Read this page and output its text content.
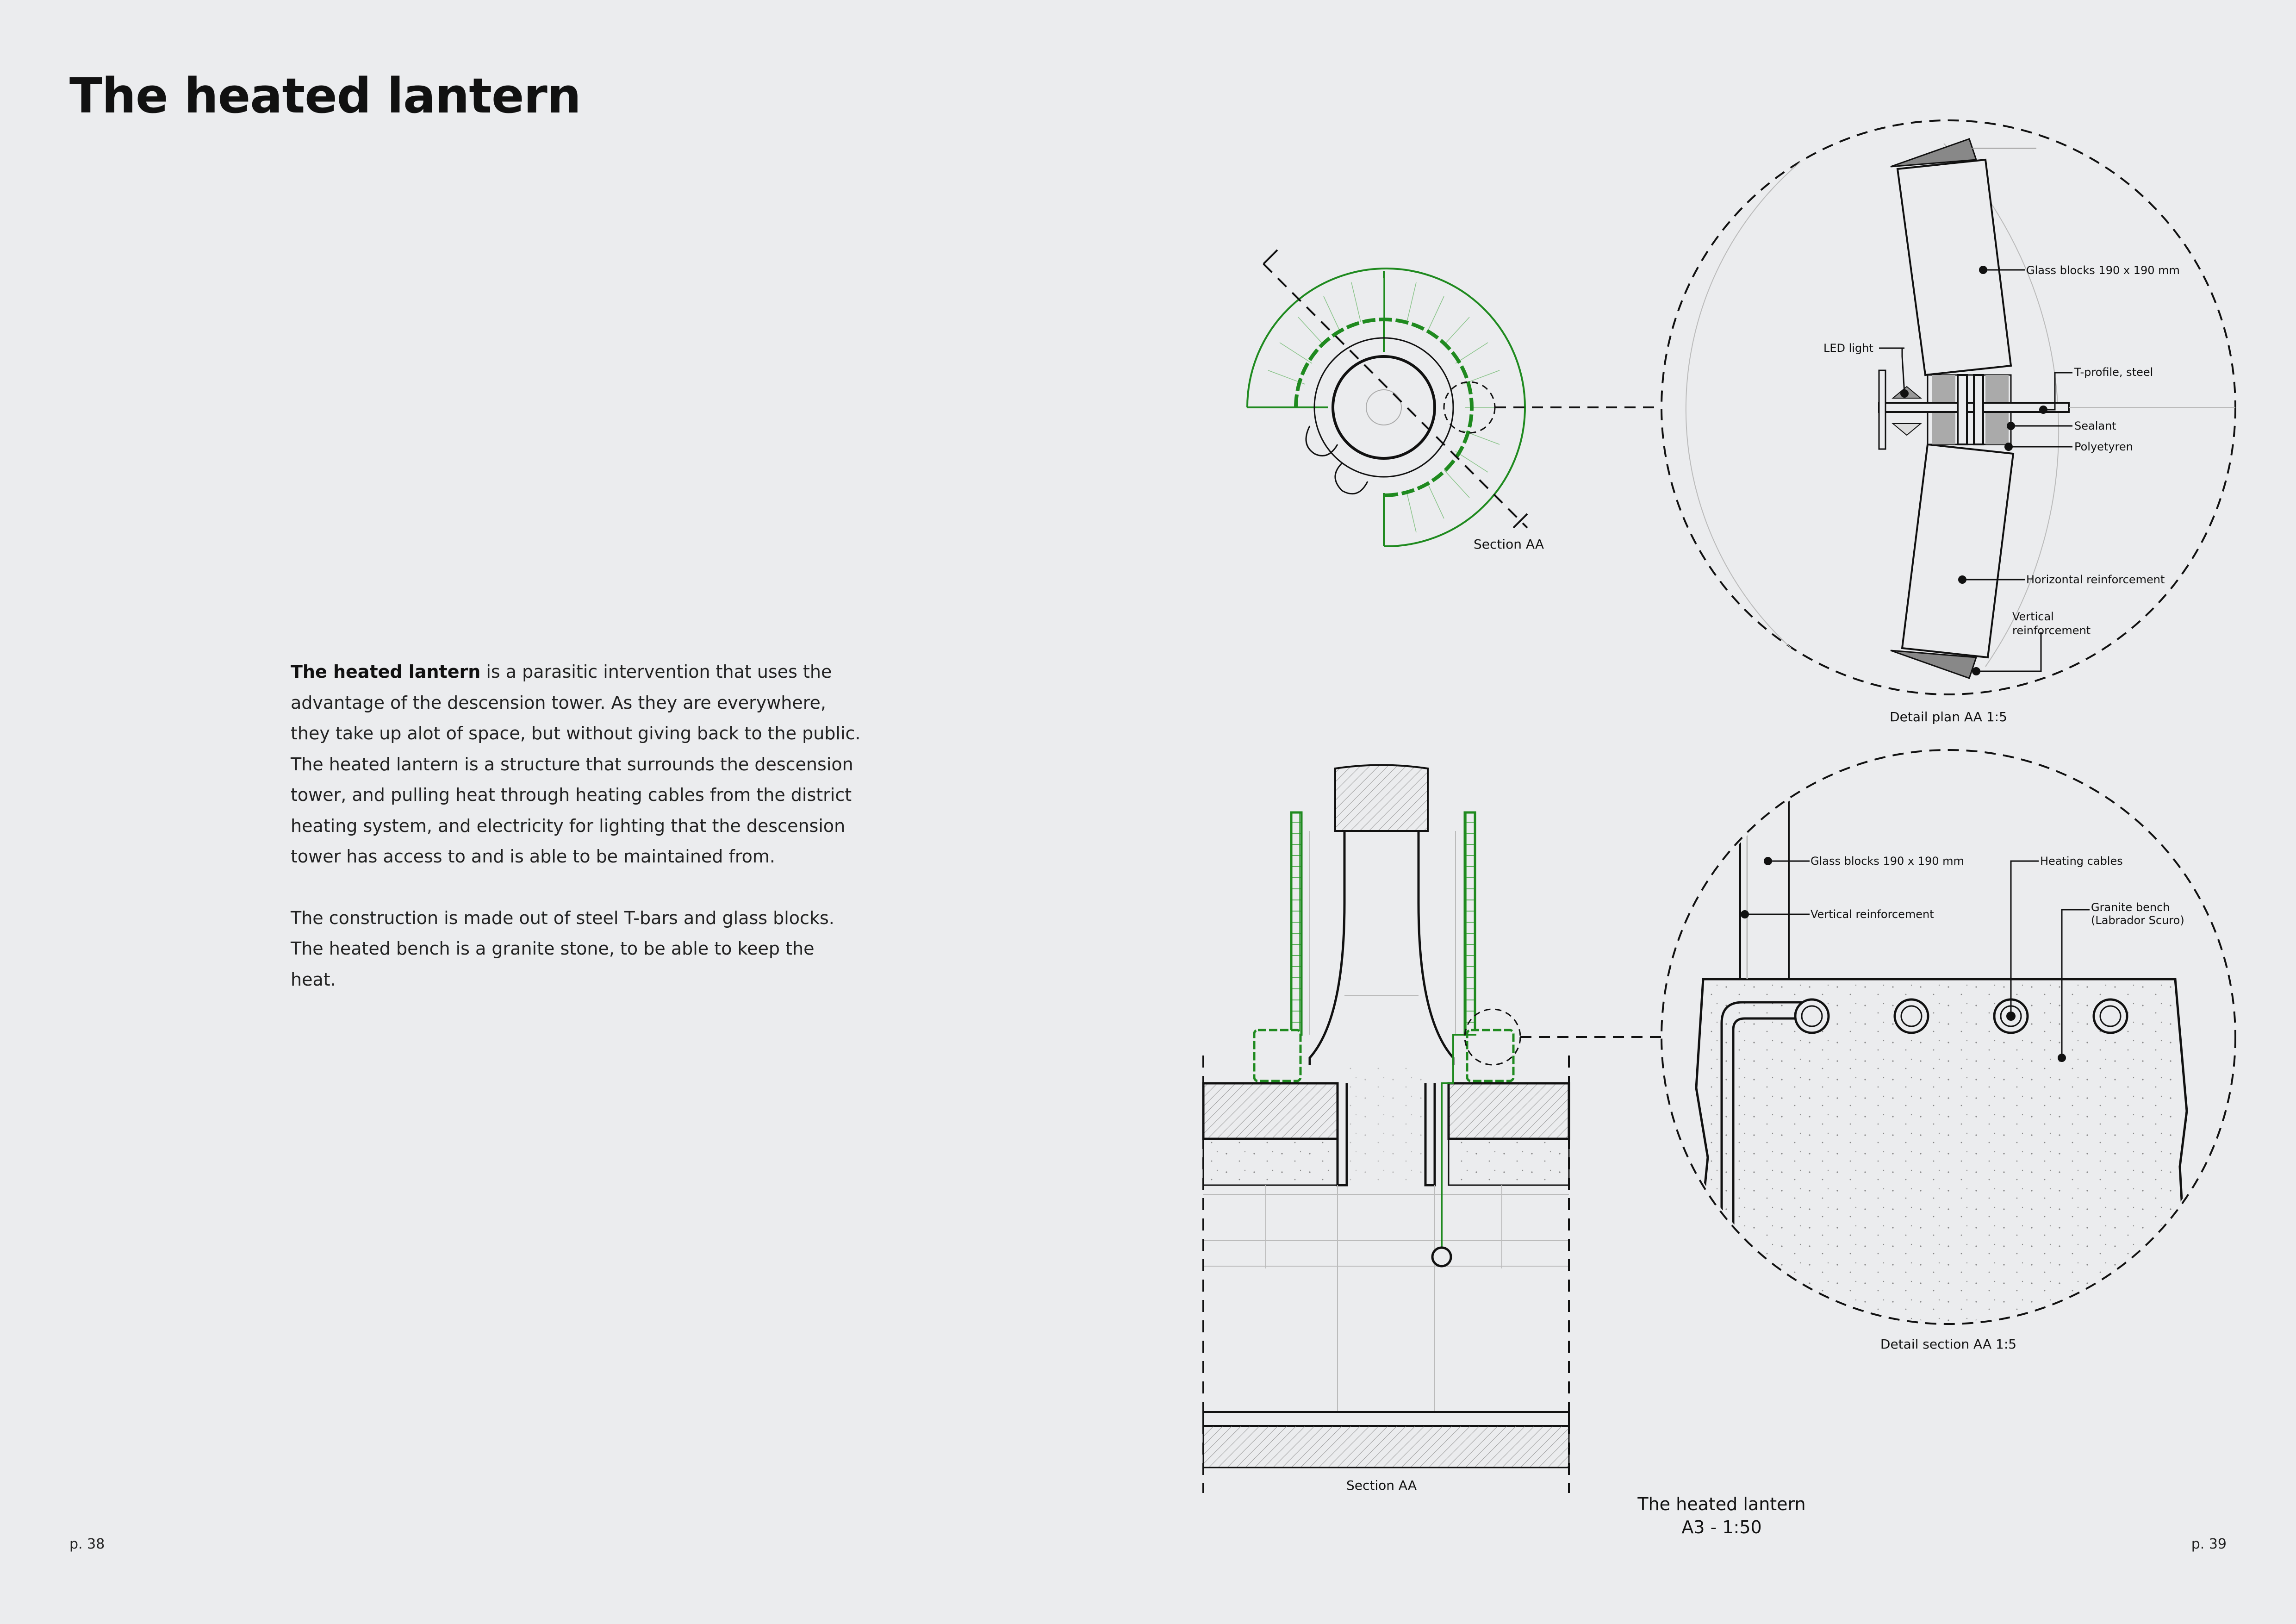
The heated lantern

The heated lantern is a parasitic intervention that uses the advantage of the descension tower. As they are everywhere, they take up alot of space, but without giving back to the public. The heated lantern is a structure that surrounds the descension tower, and pulling heat through heating cables from the district heating system, and electricity for lighting that the descension tower has access to and is able to be maintained from.

The construction is made out of steel T-bars and glass blocks. The heated bench is a granite stone, to be able to keep the heat.

p. 38	p. 39
Section AA
Glass blocks 190 x 190 mm
LED light
T-profile, steel
Sealant
Polyetyren
Horizontal reinforcement
Vertical
reinforcement
Detail plan AA 1:5
Section AA
Glass blocks 190 x 190 mm	Heating cables
Vertical reinforcement
Granite bench
(Labrador Scuro)
Detail section AA 1:5
The heated lantern
A3 - 1:50
